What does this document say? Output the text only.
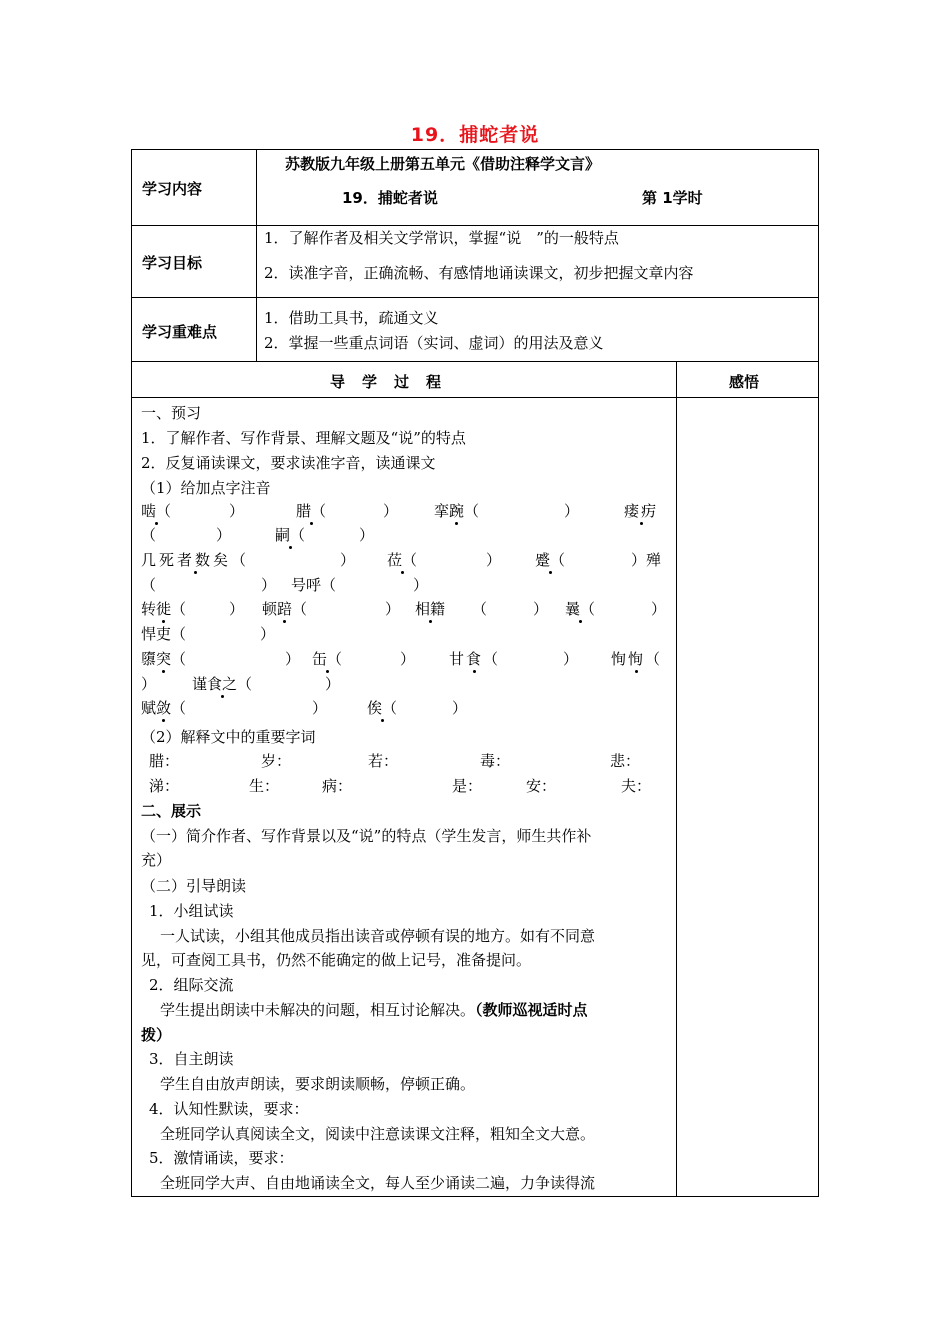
19．捕蛇者说
学习内容
苏教版九年级上册第五单元《借助注释学文言》
19．捕蛇者说	第 1学时
学习目标
1．了解作者及相关文学常识，掌握“说　”的一般特点
2．读准字音，正确流畅、有感情地诵读课文，初步把握文章内容
学习重难点
1．借助工具书，疏通文义
2．掌握一些重点词语（实词、虚词）的用法及意义
导　学　过　程	感悟
一、预习
1．了解作者、写作背景、理解文题及“说”的特点
2．反复诵读课文，要求读准字音，读通课文
（1）给加点字注音
啮（	）	腊（	） 挛踠（	）	瘘疠
（	）	嗣（	）
几死者数矣（	） 莅（	） 蹙（	）殚
（	） 号呼（	）
转徙（	） 顿踣（	） 相籍 （	） 曩（	）
悍吏（	）
隳突（	） 缶（	） 甘食（	） 恂恂（
） 谨食之（	）
赋敛（	）	俟（	）
（2）解释文中的重要字词
腊：	岁：	若：	毒：	悲：
涕：	生：	病：	是：	安：	夫：
二、展示
（一）简介作者、写作背景以及“说”的特点（学生发言，师生共作补
充）
（二）引导朗读
1．小组试读
一人试读，小组其他成员指出读音或停顿有误的地方。如有不同意
见，可查阅工具书，仍然不能确定的做上记号，准备提问。
2．组际交流
学生提出朗读中未解决的问题，相互讨论解决。（教师巡视适时点
拨）
3．自主朗读
学生自由放声朗读，要求朗读顺畅，停顿正确。
4．认知性默读，要求：
全班同学认真阅读全文，阅读中注意读课文注释，粗知全文大意。
5．激情诵读，要求：
全班同学大声、自由地诵读全文，每人至少诵读二遍，力争读得流
